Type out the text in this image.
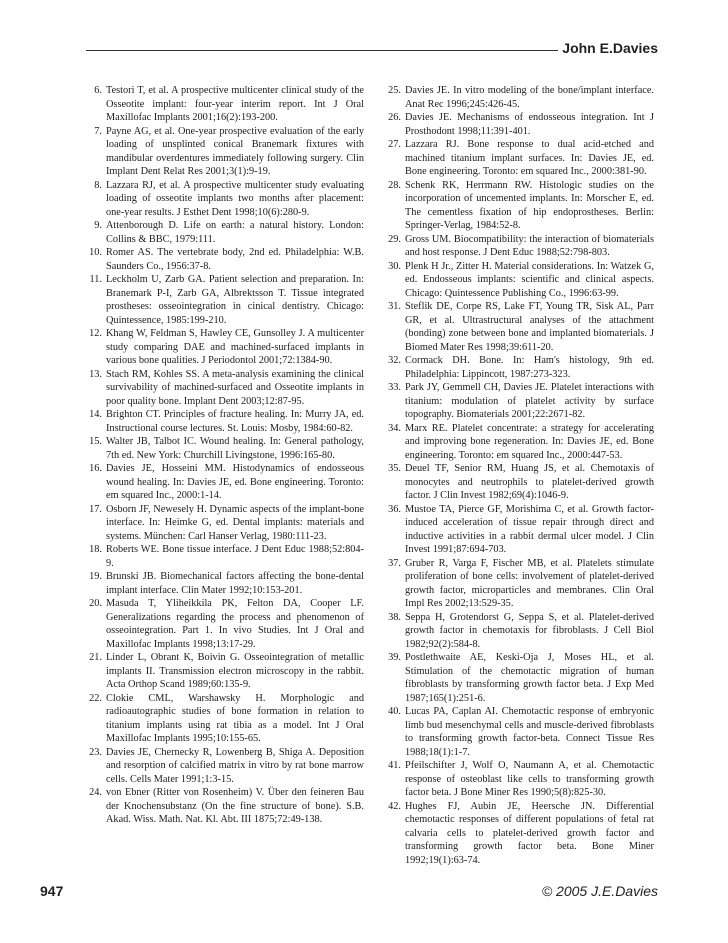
John E.Davies
6. Testori T, et al. A prospective multicenter clinical study of the Osseotite implant: four-year interim report. Int J Oral Maxillofac Implants 2001;16(2):193-200.
7. Payne AG, et al. One-year prospective evaluation of the early loading of unsplinted conical Branemark fixtures with mandibular overdentures immediately following surgery. Clin Implant Dent Relat Res 2001;3(1):9-19.
8. Lazzara RJ, et al. A prospective multicenter study evaluating loading of osseotite implants two months after placement: one-year results. J Esthet Dent 1998;10(6):280-9.
9. Attenborough D. Life on earth: a natural history. London: Collins & BBC, 1979:111.
10. Romer AS. The vertebrate body, 2nd ed. Philadelphia: W.B. Saunders Co., 1956:37-8.
11. Leckholm U, Zarb GA. Patient selection and preparation. In: Branemark P-I, Zarb GA, Albrektsson T. Tissue integrated prostheses: osseointegration in cinical dentistry. Chicago: Quintessence, 1985:199-210.
12. Khang W, Feldman S, Hawley CE, Gunsolley J. A multicenter study comparing DAE and machined-surfaced implants in various bone qualities. J Periodontol 2001;72:1384-90.
13. Stach RM, Kohles SS. A meta-analysis examining the clinical survivability of machined-surfaced and Osseotite implants in poor quality bone. Implant Dent 2003;12:87-95.
14. Brighton CT. Principles of fracture healing. In: Murry JA, ed. Instructional course lectures. St. Louis: Mosby, 1984:60-82.
15. Walter JB, Talbot IC. Wound healing. In: General pathology, 7th ed. New York: Churchill Livingstone, 1996:165-80.
16. Davies JE, Hosseini MM. Histodynamics of endosseous wound healing. In: Davies JE, ed. Bone engineering. Toronto: em squared Inc., 2000:1-14.
17. Osborn JF, Newesely H. Dynamic aspects of the implant-bone interface. In: Heimke G, ed. Dental implants: materials and systems. München: Carl Hanser Verlag, 1980:111-23.
18. Roberts WE. Bone tissue interface. J Dent Educ 1988;52:804-9.
19. Brunski JB. Biomechanical factors affecting the bone-dental implant interface. Clin Mater 1992;10:153-201.
20. Masuda T, Yliheikkila PK, Felton DA, Cooper LF. Generalizations regarding the process and phenomenon of osseointegration. Part 1. In vivo Studies. Int J Oral and Maxillofac Implants 1998;13:17-29.
21. Linder L, Obrant K, Boivin G. Osseointegration of metallic implants II. Transmission electron microscopy in the rabbit. Acta Orthop Scand 1989;60:135-9.
22. Clokie CML, Warshawsky H. Morphologic and radioautographic studies of bone formation in relation to titanium implants using rat tibia as a model. Int J Oral Maxillofac Implants 1995;10:155-65.
23. Davies JE, Chernecky R, Lowenberg B, Shiga A. Deposition and resorption of calcified matrix in vitro by rat bone marrow cells. Cells Mater 1991;1:3-15.
24. von Ebner (Ritter von Rosenheim) V. Über den feineren Bau der Knochensubstanz (On the fine structure of bone). S.B. Akad. Wiss. Math. Nat. Kl. Abt. III 1875;72:49-138.
25. Davies JE. In vitro modeling of the bone/implant interface. Anat Rec 1996;245:426-45.
26. Davies JE. Mechanisms of endosseous integration. Int J Prosthodont 1998;11:391-401.
27. Lazzara RJ. Bone response to dual acid-etched and machined titanium implant surfaces. In: Davies JE, ed. Bone engineering. Toronto: em squared Inc., 2000:381-90.
28. Schenk RK, Herrmann RW. Histologic studies on the incorporation of uncemented implants. In: Morscher E, ed. The cementless fixation of hip endoprostheses. Berlin: Springer-Verlag, 1984:52-8.
29. Gross UM. Biocompatibility: the interaction of biomaterials and host response. J Dent Educ 1988;52:798-803.
30. Plenk H Jr., Zitter H. Material considerations. In: Watzek G, ed. Endosseous implants: scientific and clinical aspects. Chicago: Quintessence Publishing Co., 1996:63-99.
31. Steflik DE, Corpe RS, Lake FT, Young TR, Sisk AL, Parr GR, et al. Ultrastructural analyses of the attachment (bonding) zone between bone and implanted biomaterials. J Biomed Mater Res 1998;39:611-20.
32. Cormack DH. Bone. In: Ham's histology, 9th ed. Philadelphia: Lippincott, 1987:273-323.
33. Park JY, Gemmell CH, Davies JE. Platelet interactions with titanium: modulation of platelet activity by surface topography. Biomaterials 2001;22:2671-82.
34. Marx RE. Platelet concentrate: a strategy for accelerating and improving bone regeneration. In: Davies JE, ed. Bone engineering. Toronto: em squared Inc., 2000:447-53.
35. Deuel TF, Senior RM, Huang JS, et al. Chemotaxis of monocytes and neutrophils to platelet-derived growth factor. J Clin Invest 1982;69(4):1046-9.
36. Mustoe TA, Pierce GF, Morishima C, et al. Growth factor-induced acceleration of tissue repair through direct and inductive activities in a rabbit dermal ulcer model. J Clin Invest 1991;87:694-703.
37. Gruber R, Varga F, Fischer MB, et al. Platelets stimulate proliferation of bone cells: involvement of platelet-derived growth factor, microparticles and membranes. Clin Oral Impl Res 2002;13:529-35.
38. Seppa H, Grotendorst G, Seppa S, et al. Platelet-derived growth factor in chemotaxis for fibroblasts. J Cell Biol 1982;92(2):584-8.
39. Postlethwaite AE, Keski-Oja J, Moses HL, et al. Stimulation of the chemotactic migration of human fibroblasts by transforming growth factor beta. J Exp Med 1987;165(1):251-6.
40. Lucas PA, Caplan AI. Chemotactic response of embryonic limb bud mesenchymal cells and muscle-derived fibroblasts to transforming growth factor-beta. Connect Tissue Res 1988;18(1):1-7.
41. Pfeilschifter J, Wolf O, Naumann A, et al. Chemotactic response of osteoblast like cells to transforming growth factor beta. J Bone Miner Res 1990;5(8):825-30.
42. Hughes FJ, Aubin JE, Heersche JN. Differential chemotactic responses of different populations of fetal rat calvaria cells to platelet-derived growth factor and transforming growth factor beta. Bone Miner 1992;19(1):63-74.
947	© 2005 J.E.Davies
